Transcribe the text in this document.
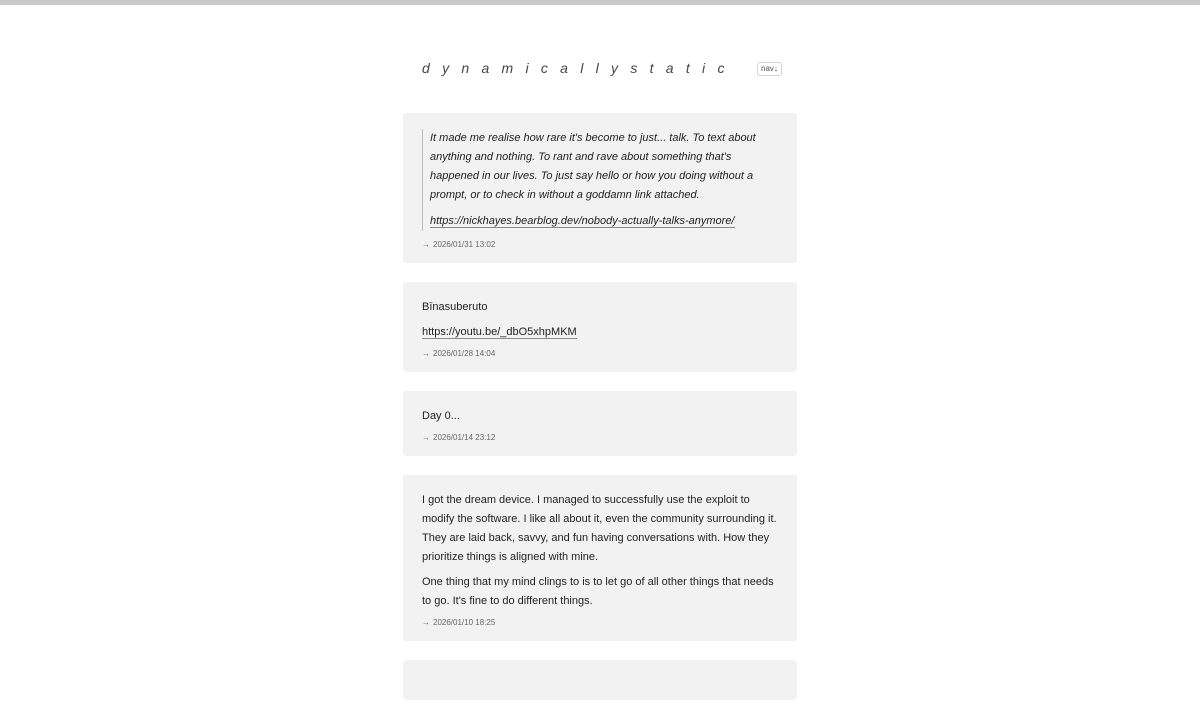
d y n a m i c a l l y s t a t i c	nav↓

It made me realise how rare it's become to just... talk. To text about anything and nothing. To rant and rave about something that's happened in our lives. To just say hello or how you doing without a prompt, or to check in without a goddamn link attached.

https://nickhayes.bearblog.dev/nobody-actually-talks-anymore/

→ 2026/01/31 13:02

Bīnasuberuto

https://youtu.be/_dbO5xhpMKM

→ 2026/01/28 14:04

Day 0...

→ 2026/01/14 23:12

I got the dream device. I managed to successfully use the exploit to modify the software. I like all about it, even the community surrounding it. They are laid back, savvy, and fun having conversations with. How they prioritize things is aligned with mine.

One thing that my mind clings to is to let go of all other things that needs to go. It's fine to do different things.

→ 2026/01/10 18:25
